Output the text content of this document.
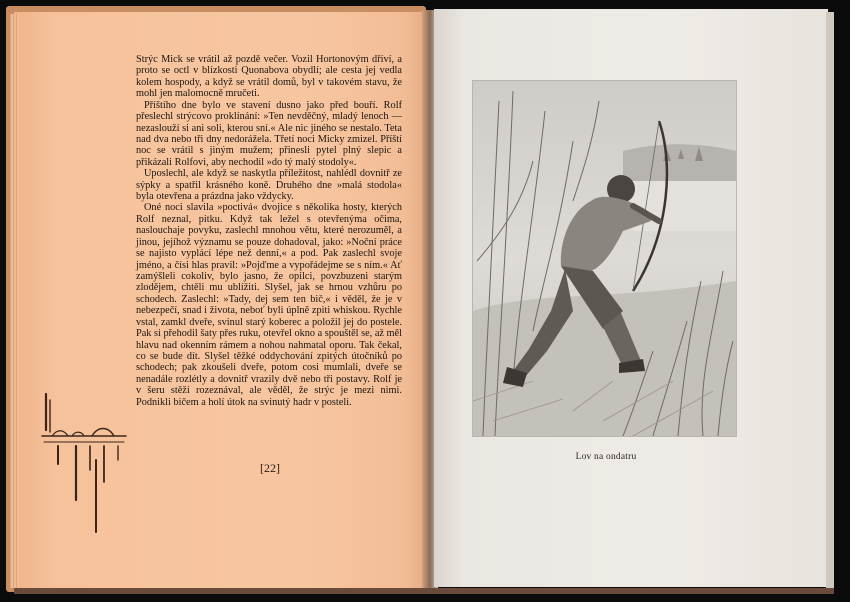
Strýc Mick se vrátil až pozdě večer. Vozil Hortonovým dříví, a proto se octl v blízkosti Quonabova obydlí; ale cesta jej vedla kolem hospody, a když se vrátil domů, byl v takovém stavu, že mohl jen malomocně mručeti.

Příštího dne bylo ve stavení dusno jako před bouří. Rolf přeslechl strýcovo proklínání: »Ten nevděčný, mladý lenoch — nezaslouží si ani soli, kterou sní.« Ale nic jiného se nestalo. Teta nad dva nebo tři dny nedorážela. Třetí noci Micky zmizel. Příští noc se vrátil s jiným mužem; přinesli pytel plný slepic a přikázali Rolfovi, aby nechodil »do tý malý stodoly«.

Uposlechl, ale když se naskytla příležitost, nahlédl dovnitř ze sýpky a spatřil krásného koně. Druhého dne »malá stodola« byla otevřena a prázdna jako vždycky.

Oné noci slavila »poctivá« dvojice s několika hosty, kterých Rolf neznal, pitku. Když tak ležel s otevřenýma očima, naslouchaje povyku, zaslechl mnohou větu, které nerozuměl, a jinou, jejíhož významu se pouze dohadoval, jako: »Noční práce se najisto vyplácí lépe než denní,« a pod. Pak zaslechl svoje jméno, a čísi hlas pravil: »Pojďme a vypořádejme se s ním.« Ať zamýšleli cokoliv, bylo jasno, že opilci, povzbuzeni starým zlodějem, chtěli mu ublížiti. Slyšel, jak se hrnou vzhůru po schodech. Zaslechl: »Tady, dej sem ten bič,« i věděl, že je v nebezpečí, snad i života, neboť byli úplně zpiti whiskou. Rychle vstal, zamkl dveře, svinul starý koberec a položil jej do postele. Pak si přehodil šaty přes ruku, otevřel okno a spouštěl se, až měl hlavu nad okenním rámem a nohou nahmatal oporu. Tak čekal, co se bude dít. Slyšel těžké oddychování zpitých útočníků po schodech; pak zkoušeli dveře, potom cosi mumlali, dveře se nenadále rozlétly a dovnitř vrazily dvě nebo tři postavy. Rolf je v šeru stěží rozeznával, ale věděl, že strýc je mezi nimi. Podnikli bičem a holí útok na svinutý hadr v posteli.

[22]
Lov na ondatru
